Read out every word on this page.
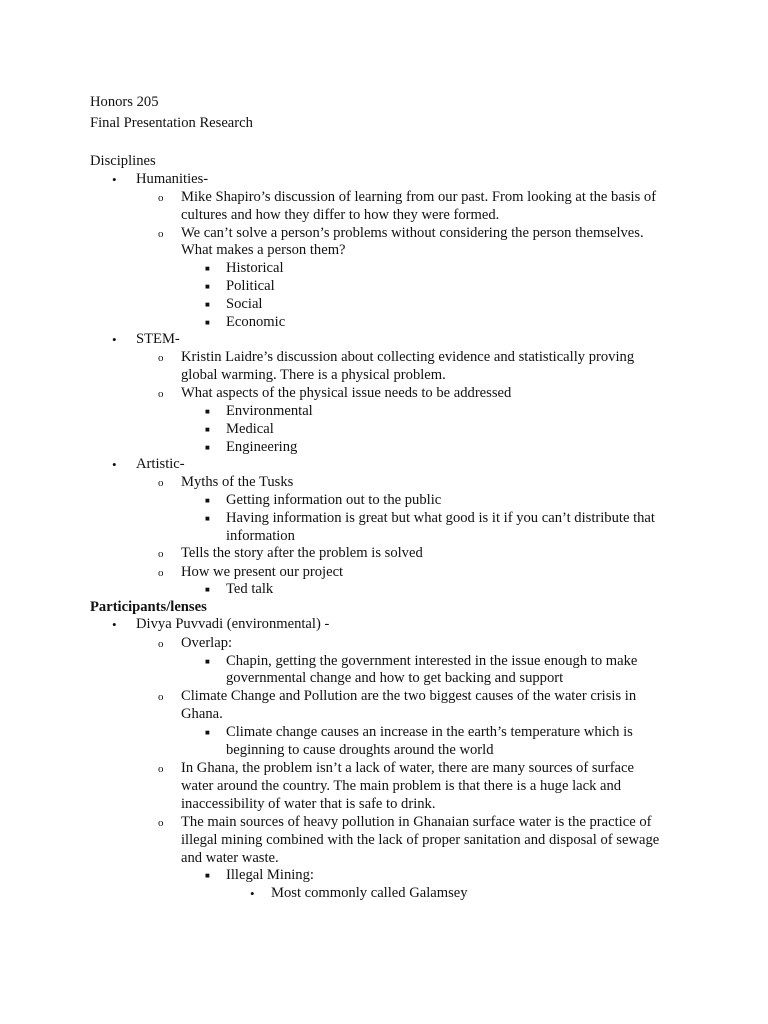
Honors 205
Final Presentation Research
Disciplines
• Humanities-
o Mike Shapiro’s discussion of learning from our past. From looking at the basis of
cultures and how they differ to how they were formed.
o We can’t solve a person’s problems without considering the person themselves.
What makes a person them?
■ Historical
■ Political
■ Social
■ Economic
• STEM-
o Kristin Laidre’s discussion about collecting evidence and statistically proving
global warming. There is a physical problem.
o What aspects of the physical issue needs to be addressed
■ Environmental
■ Medical
■ Engineering
• Artistic-
o Myths of the Tusks
■ Getting information out to the public
■ Having information is great but what good is it if you can’t distribute that
information
o Tells the story after the problem is solved
o How we present our project
■ Ted talk
Participants/lenses
• Divya Puvvadi (environmental) -
o Overlap:
■ Chapin, getting the government interested in the issue enough to make
governmental change and how to get backing and support
o Climate Change and Pollution are the two biggest causes of the water crisis in
Ghana.
■ Climate change causes an increase in the earth’s temperature which is
beginning to cause droughts around the world
o In Ghana, the problem isn’t a lack of water, there are many sources of surface
water around the country. The main problem is that there is a huge lack and
inaccessibility of water that is safe to drink.
o The main sources of heavy pollution in Ghanaian surface water is the practice of
illegal mining combined with the lack of proper sanitation and disposal of sewage
and water waste.
■ Illegal Mining:
• Most commonly called Galamsey
